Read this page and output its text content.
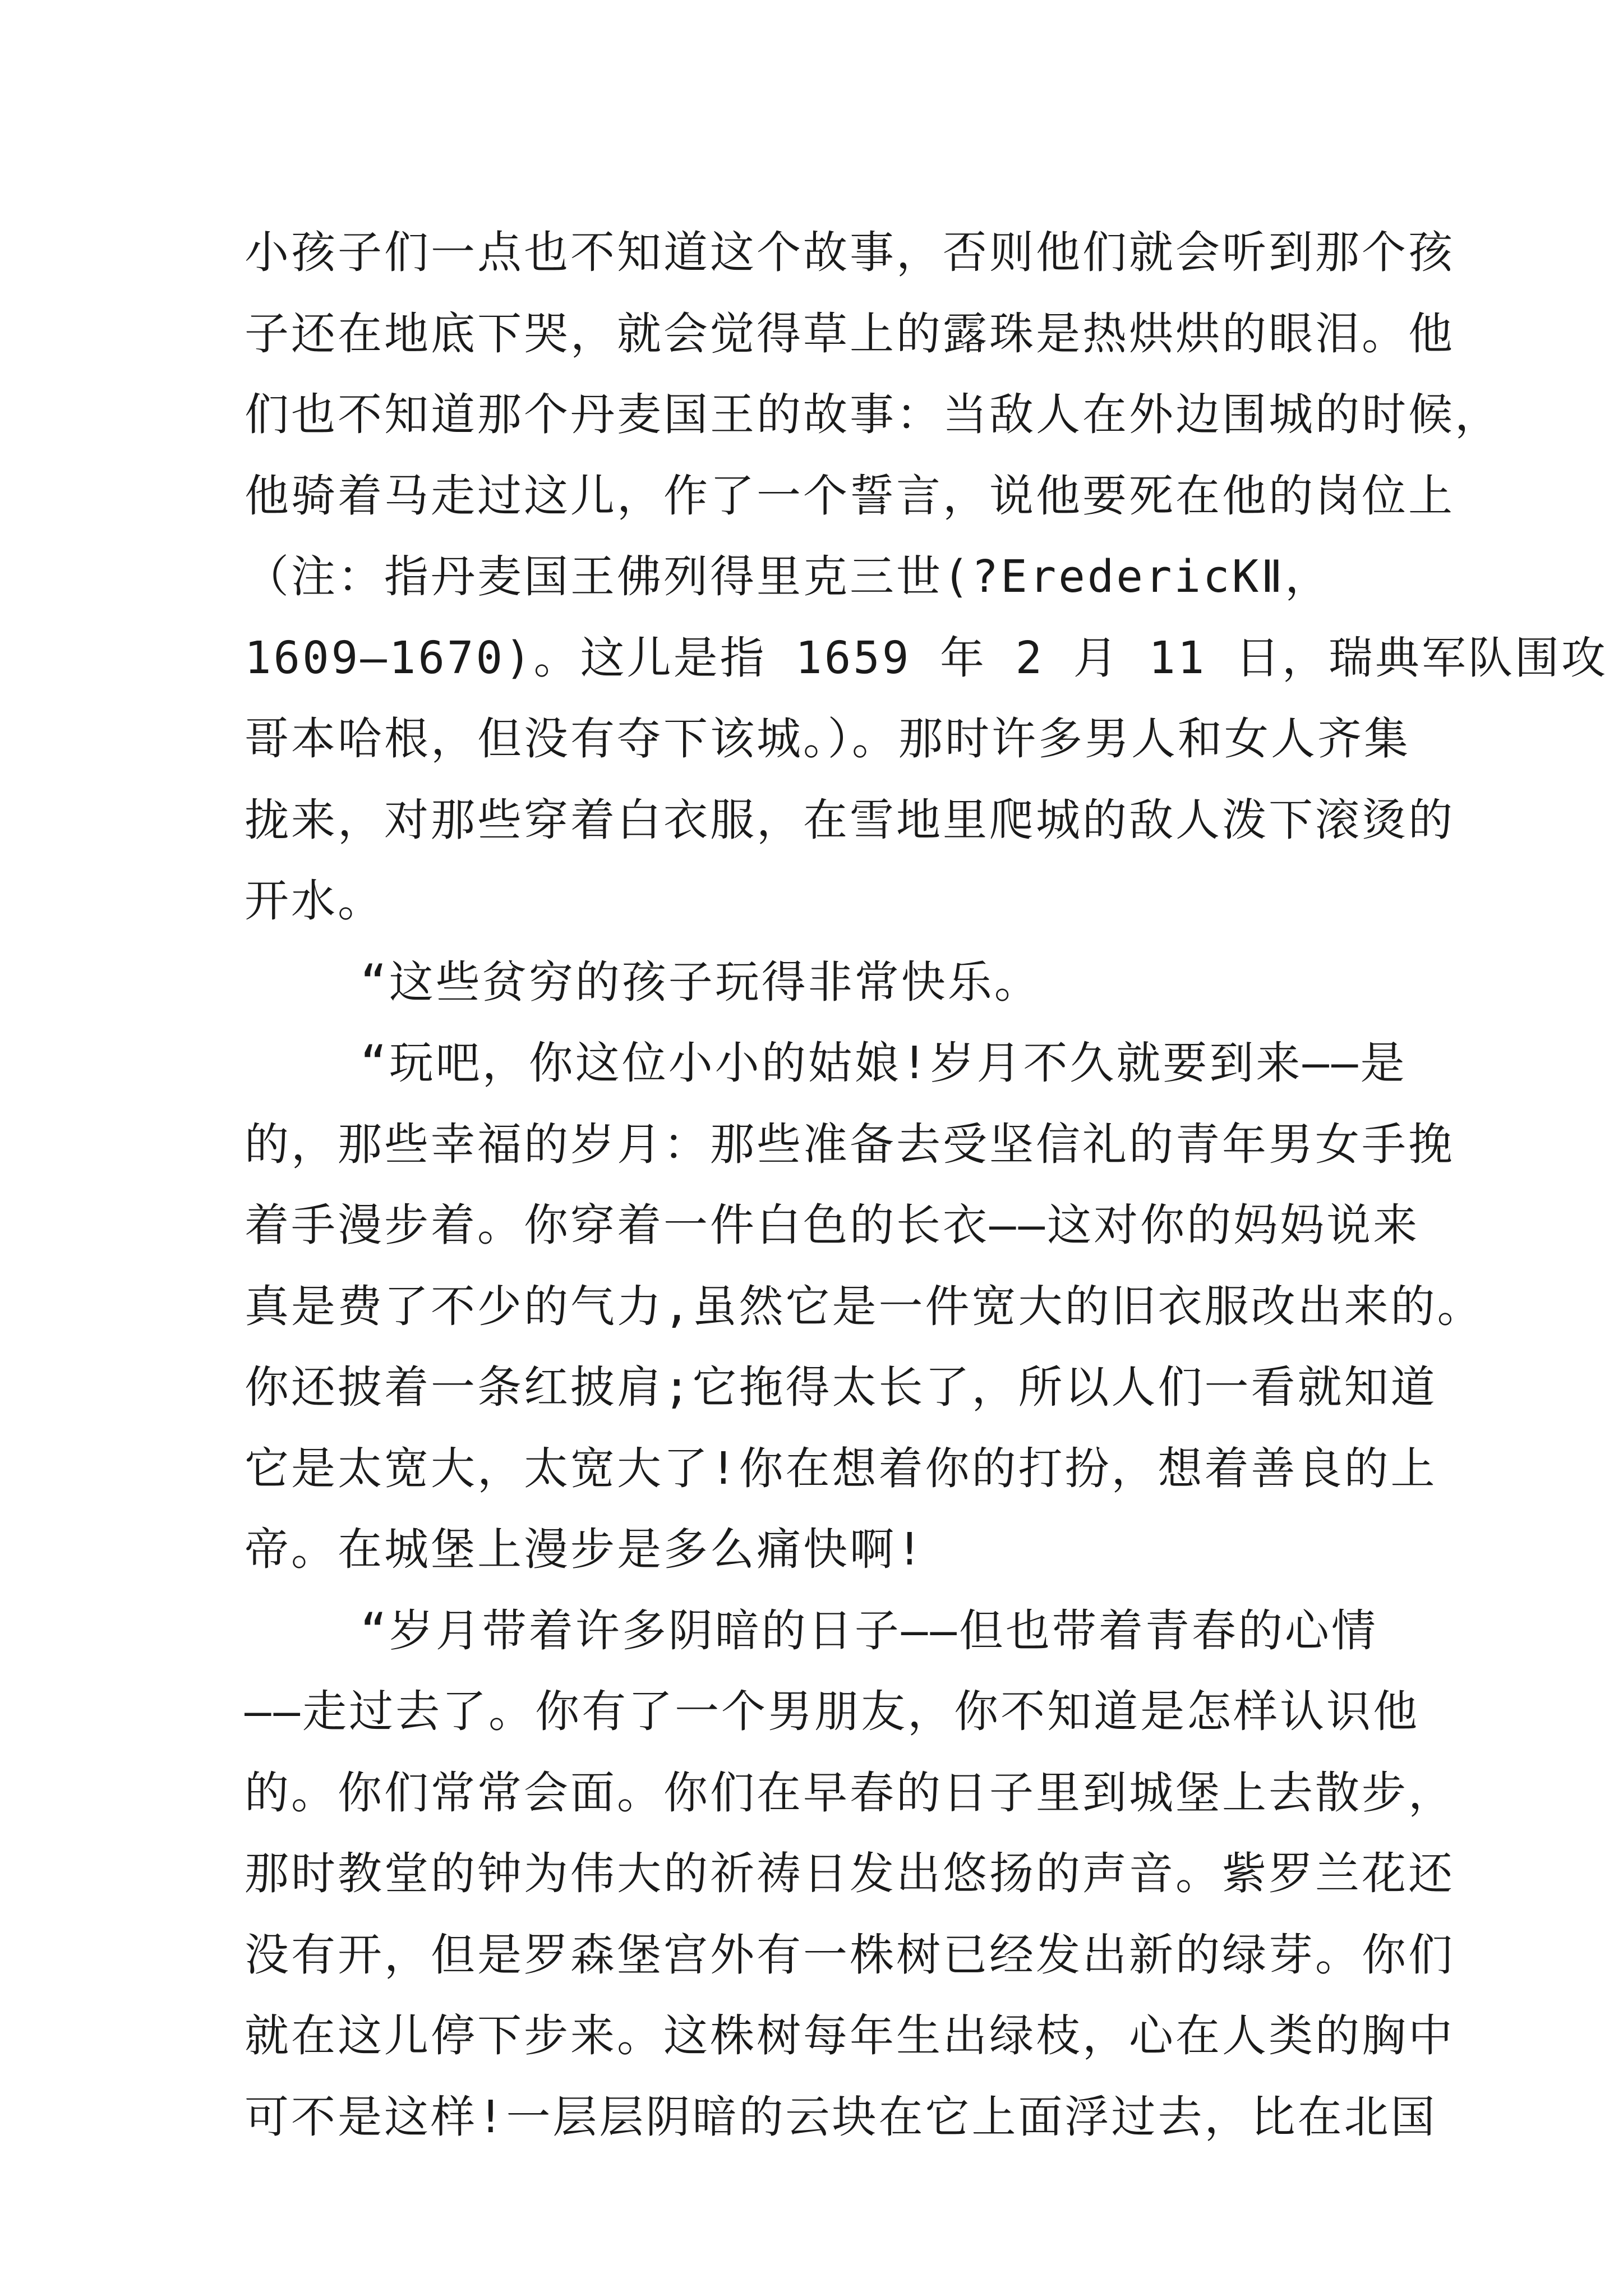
小孩子们一点也不知道这个故事，否则他们就会听到那个孩
子还在地底下哭，就会觉得草上的露珠是热烘烘的眼泪。他
们也不知道那个丹麦国王的故事：当敌人在外边围城的时候，
他骑着马走过这儿，作了一个誓言，说他要死在他的岗位上
（注：指丹麦国王佛列得里克三世(?EredericKⅡ，
1609—1670)。这儿是指 1659 年 2 月 11 日，瑞典军队围攻
哥本哈根，但没有夺下该城。）。那时许多男人和女人齐集
拢来，对那些穿着白衣服，在雪地里爬城的敌人泼下滚烫的
开水。
“这些贫穷的孩子玩得非常快乐。
“玩吧，你这位小小的姑娘!岁月不久就要到来——是
的，那些幸福的岁月：那些准备去受坚信礼的青年男女手挽
着手漫步着。你穿着一件白色的长衣——这对你的妈妈说来
真是费了不少的气力,虽然它是一件宽大的旧衣服改出来的。
你还披着一条红披肩;它拖得太长了，所以人们一看就知道
它是太宽大，太宽大了!你在想着你的打扮，想着善良的上
帝。在城堡上漫步是多么痛快啊!
“岁月带着许多阴暗的日子——但也带着青春的心情
——走过去了。你有了一个男朋友，你不知道是怎样认识他
的。你们常常会面。你们在早春的日子里到城堡上去散步，
那时教堂的钟为伟大的祈祷日发出悠扬的声音。紫罗兰花还
没有开，但是罗森堡宫外有一株树已经发出新的绿芽。你们
就在这儿停下步来。这株树每年生出绿枝，心在人类的胸中
可不是这样!一层层阴暗的云块在它上面浮过去，比在北国
